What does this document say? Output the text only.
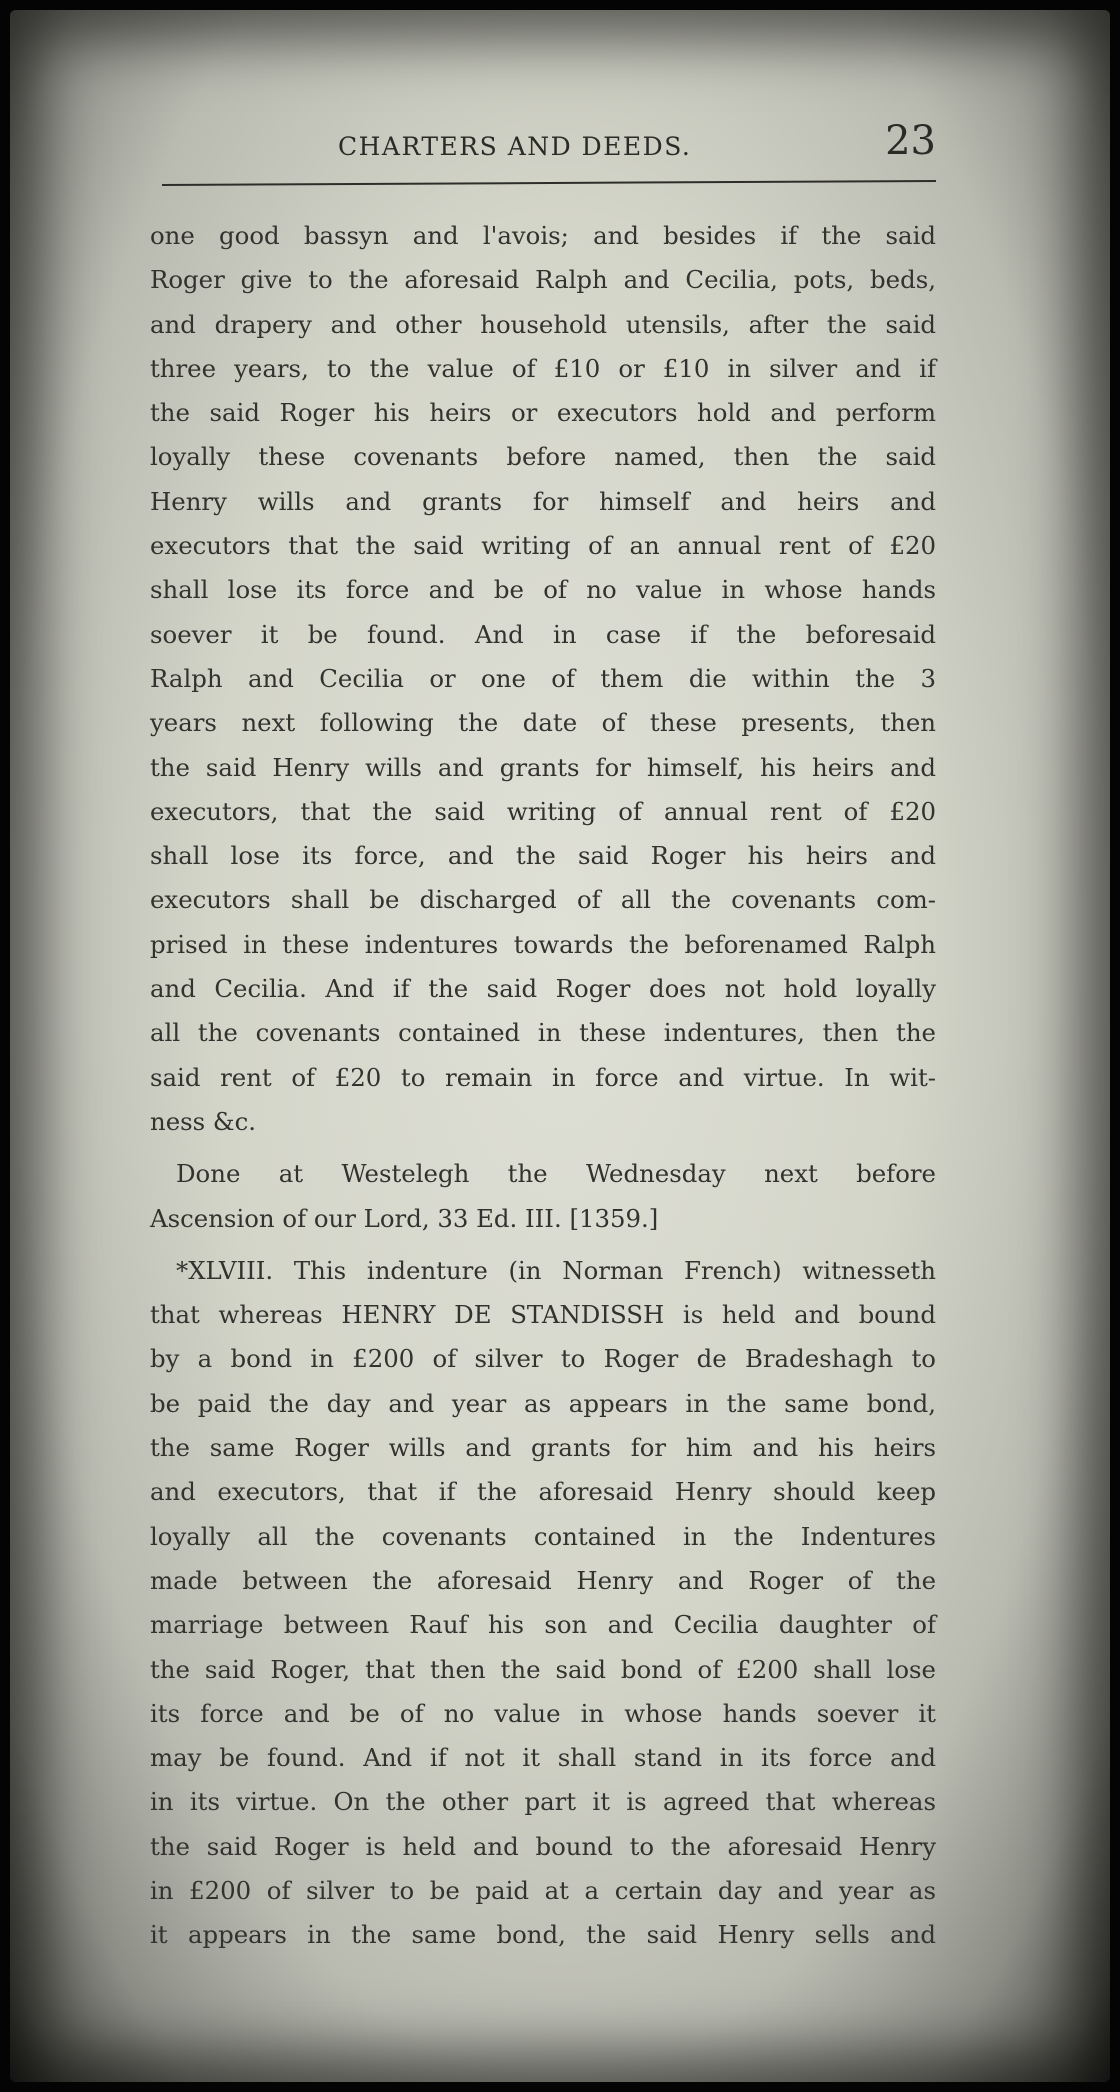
CHARTERS AND DEEDS.	23
one good bassyn and l'avois; and besides if the said
Roger give to the aforesaid Ralph and Cecilia, pots, beds,
and drapery and other household utensils, after the said
three years, to the value of £10 or £10 in silver and if
the said Roger his heirs or executors hold and perform
loyally these covenants before named, then the said
Henry wills and grants for himself and heirs and
executors that the said writing of an annual rent of £20
shall lose its force and be of no value in whose hands
soever it be found. And in case if the beforesaid
Ralph and Cecilia or one of them die within the 3
years next following the date of these presents, then
the said Henry wills and grants for himself, his heirs and
executors, that the said writing of annual rent of £20
shall lose its force, and the said Roger his heirs and
executors shall be discharged of all the covenants com-
prised in these indentures towards the beforenamed Ralph
and Cecilia. And if the said Roger does not hold loyally
all the covenants contained in these indentures, then the
said rent of £20 to remain in force and virtue. In wit-
ness &c.
Done at Westelegh the Wednesday next before
Ascension of our Lord, 33 Ed. III. [1359.]
*XLVIII. This indenture (in Norman French) witnesseth
that whereas HENRY DE STANDISSH is held and bound
by a bond in £200 of silver to Roger de Bradeshagh to
be paid the day and year as appears in the same bond,
the same Roger wills and grants for him and his heirs
and executors, that if the aforesaid Henry should keep
loyally all the covenants contained in the Indentures
made between the aforesaid Henry and Roger of the
marriage between Rauf his son and Cecilia daughter of
the said Roger, that then the said bond of £200 shall lose
its force and be of no value in whose hands soever it
may be found. And if not it shall stand in its force and
in its virtue. On the other part it is agreed that whereas
the said Roger is held and bound to the aforesaid Henry
in £200 of silver to be paid at a certain day and year as
it appears in the same bond, the said Henry sells and
